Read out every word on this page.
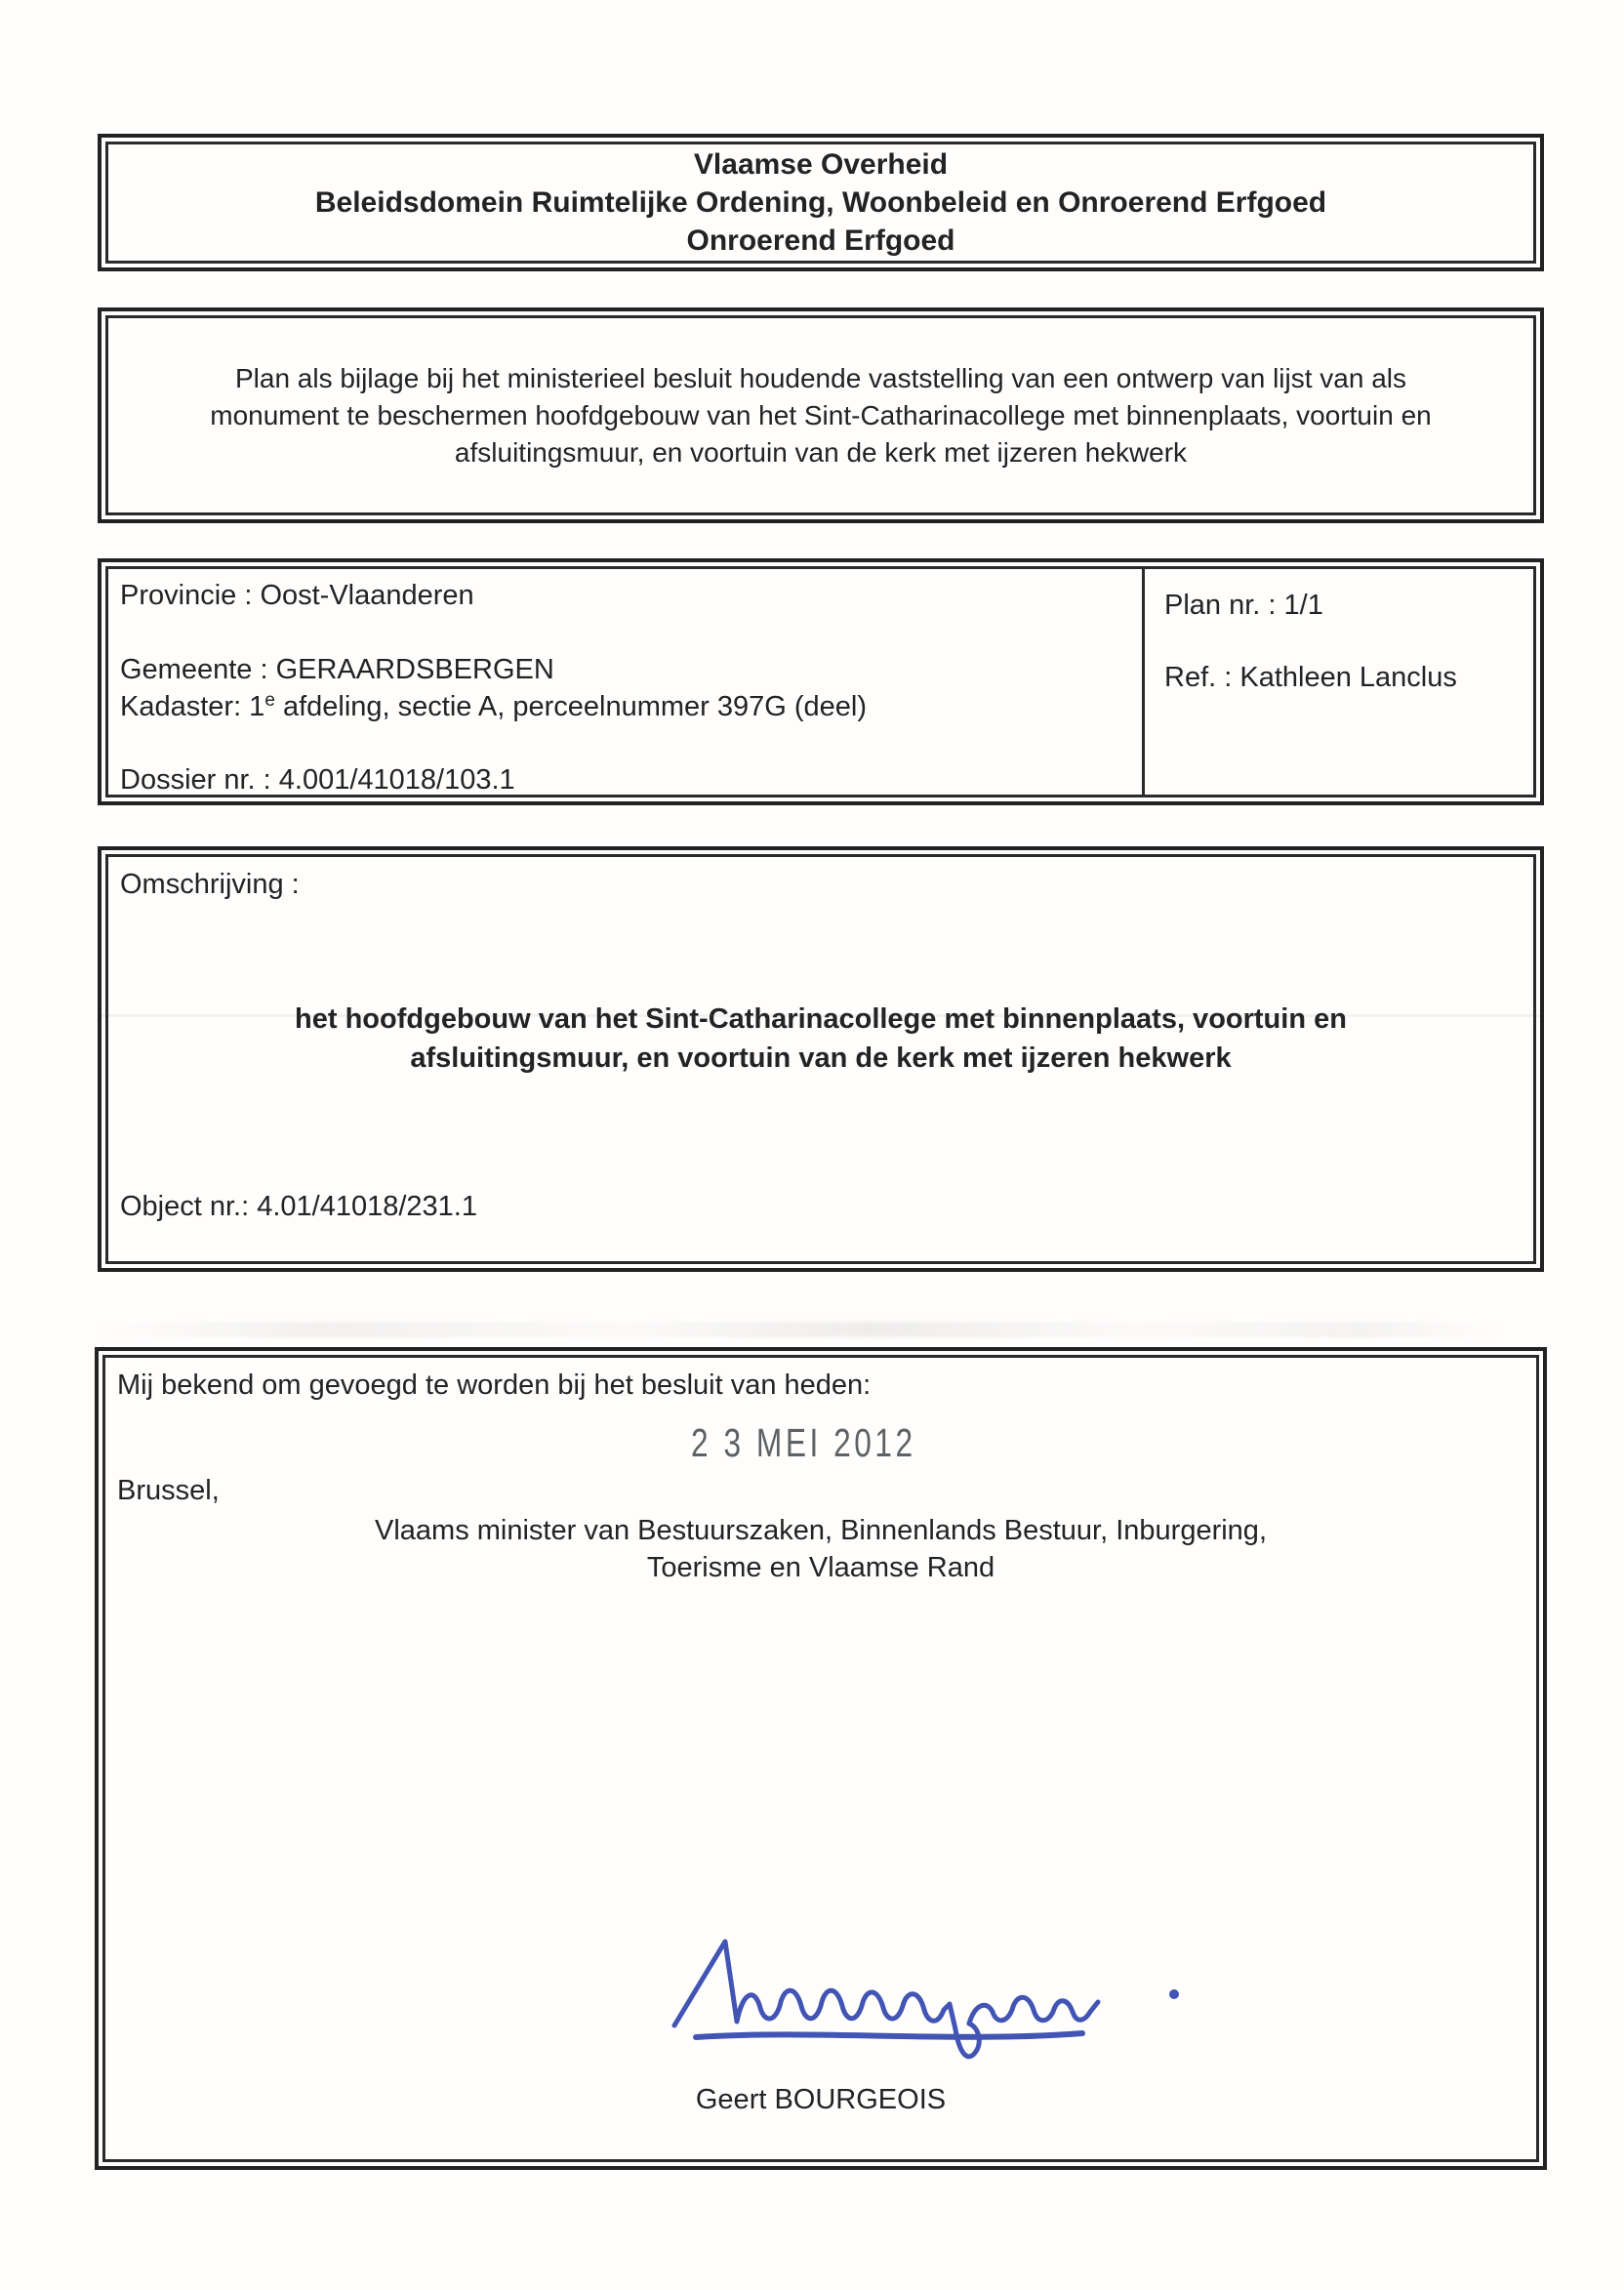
Vlaamse Overheid
Beleidsdomein Ruimtelijke Ordening, Woonbeleid en Onroerend Erfgoed
Onroerend Erfgoed
Plan als bijlage bij het ministerieel besluit houdende vaststelling van een ontwerp van lijst van als
monument te beschermen hoofdgebouw van het Sint-Catharinacollege met binnenplaats, voortuin en
afsluitingsmuur, en voortuin van de kerk met ijzeren hekwerk
Provincie : Oost-Vlaanderen
Gemeente : GERAARDSBERGEN
Kadaster: 1e afdeling, sectie A, perceelnummer 397G (deel)
Dossier nr. : 4.001/41018/103.1
Plan nr. : 1/1
Ref. : Kathleen Lanclus
Omschrijving :
het hoofdgebouw van het Sint-Catharinacollege met binnenplaats, voortuin en
afsluitingsmuur, en voortuin van de kerk met ijzeren hekwerk
Object nr.: 4.01/41018/231.1
Mij bekend om gevoegd te worden bij het besluit van heden:
2 3 MEI 2012
Brussel,
Vlaams minister van Bestuurszaken, Binnenlands Bestuur, Inburgering,
Toerisme en Vlaamse Rand
Geert BOURGEOIS
